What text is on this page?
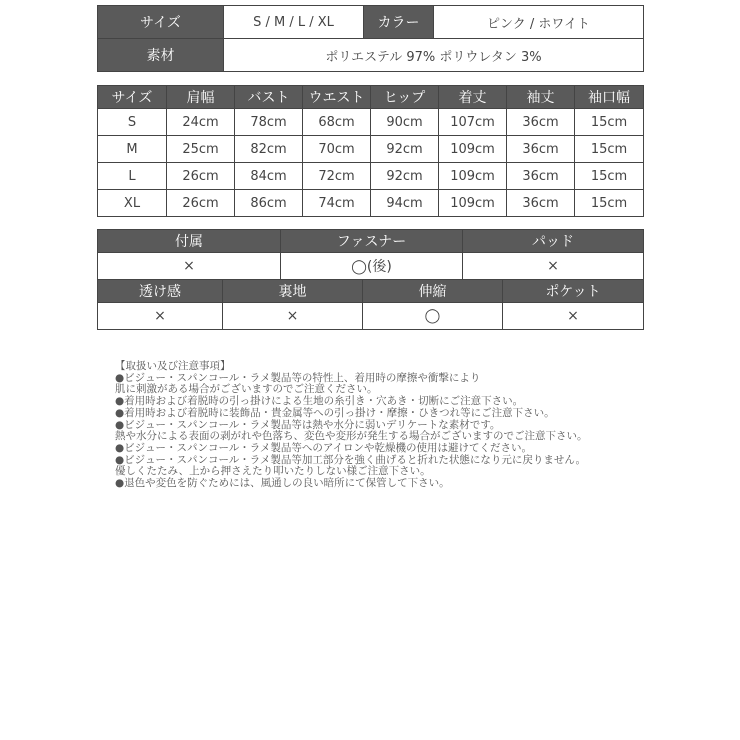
サイズ	S / M / L / XL	カラー	ピンク / ホワイト
素材	ポリエステル 97% ポリウレタン 3%		
サイズ	肩幅	バスト	ウエスト	ヒップ	着丈	袖丈	袖口幅
S	24cm	78cm	68cm	90cm	107cm	36cm	15cm
M	25cm	82cm	70cm	92cm	109cm	36cm	15cm
L	26cm	84cm	72cm	92cm	109cm	36cm	15cm
XL	26cm	86cm	74cm	94cm	109cm	36cm	15cm
付属	ファスナー	パッド
×	◯(後)	×
透け感	裏地	伸縮	ポケット
×	×	◯	×
【取扱い及び注意事項】
●ビジュー・スパンコール・ラメ製品等の特性上、着用時の摩擦や衝撃により
肌に刺激がある場合がございますのでご注意ください。
●着用時および着脱時の引っ掛けによる生地の糸引き・穴あき・切断にご注意下さい。
●着用時および着脱時に装飾品・貴金属等への引っ掛け・摩擦・ひきつれ等にご注意下さい。
●ビジュー・スパンコール・ラメ製品等は熱や水分に弱いデリケートな素材です。
熱や水分による表面の剥がれや色落ち、変色や変形が発生する場合がございますのでご注意下さい。
●ビジュー・スパンコール・ラメ製品等へのアイロンや乾燥機の使用は避けてください。
●ビジュー・スパンコール・ラメ製品等加工部分を強く曲げると折れた状態になり元に戻りません。
優しくたたみ、上から押さえたり叩いたりしない様ご注意下さい。
●退色や変色を防ぐためには、風通しの良い暗所にて保管して下さい。
